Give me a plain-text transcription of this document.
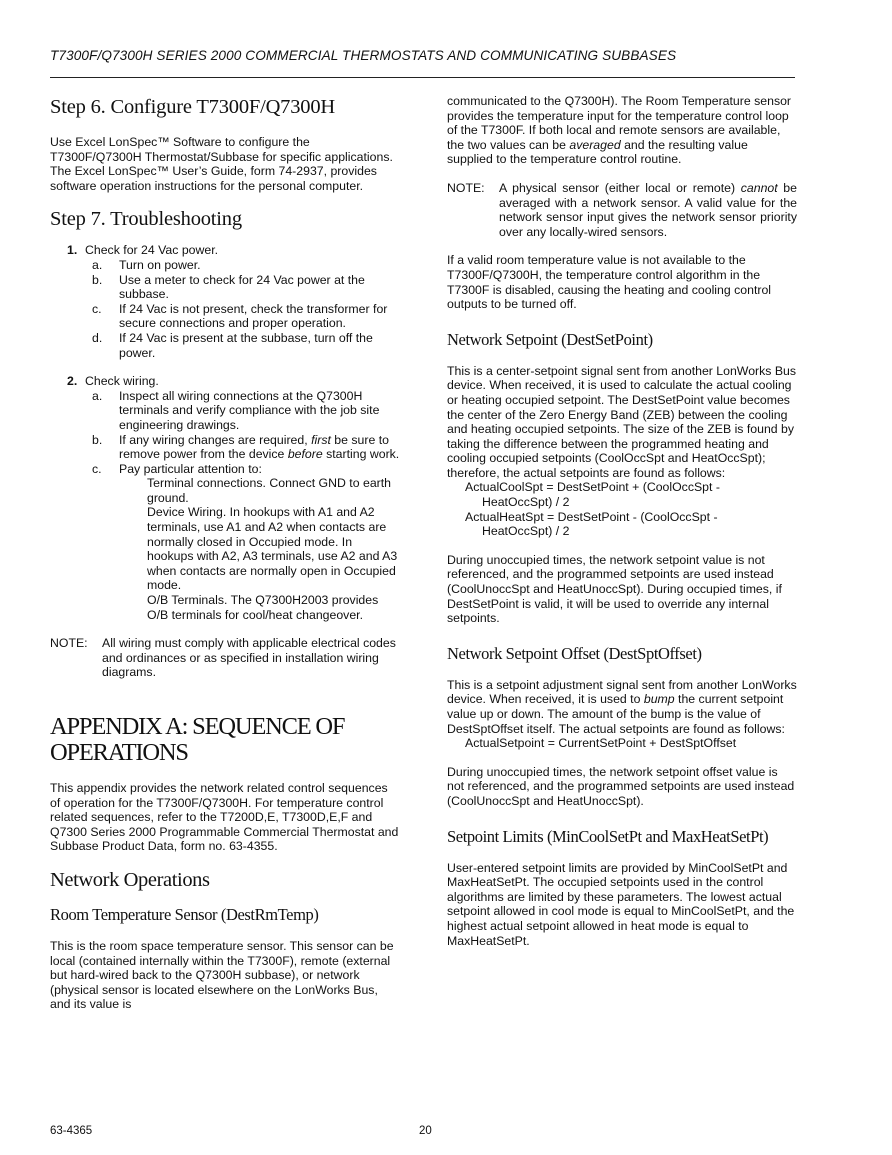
T7300F/Q7300H SERIES 2000 COMMERCIAL THERMOSTATS AND COMMUNICATING SUBBASES
Step 6. Configure T7300F/Q7300H

Use Excel LonSpec™ Software to configure the T7300F/Q7300H Thermostat/Subbase for specific applications. The Excel LonSpec™ User’s Guide, form 74-2937, provides software operation instructions for the personal computer.

Step 7. Troubleshooting
1. Check for 24 Vac power.
a.	Turn on power.
b.	Use a meter to check for 24 Vac power at the subbase.
c.	If 24 Vac is not present, check the transformer for secure connections and proper operation.
d.	If 24 Vac is present at the subbase, turn off the power.
2. Check wiring.
a.	Inspect all wiring connections at the Q7300H terminals and verify compliance with the job site engineering drawings.
b.	If any wiring changes are required, first be sure to remove power from the device before starting work.
c.	Pay particular attention to:
Terminal connections. Connect GND to earth ground.
Device Wiring. In hookups with A1 and A2 terminals, use A1 and A2 when contacts are normally closed in Occupied mode. In hookups with A2, A3 terminals, use A2 and A3 when contacts are normally open in Occupied mode.
O/B Terminals. The Q7300H2003 provides O/B terminals for cool/heat changeover.
NOTE:	All wiring must comply with applicable electrical codes and ordinances or as specified in installation wiring diagrams.
APPENDIX A: SEQUENCE OF OPERATIONS

This appendix provides the network related control sequences of operation for the T7300F/Q7300H. For temperature control related sequences, refer to the T7200D,E, T7300D,E,F and Q7300 Series 2000 Programmable Commercial Thermostat and Subbase Product Data, form no. 63-4355.

Network Operations
Room Temperature Sensor (DestRmTemp)

This is the room space temperature sensor. This sensor can be local (contained internally within the T7300F), remote (external but hard-wired back to the Q7300H subbase), or network (physical sensor is located elsewhere on the LonWorks Bus, and its value is

communicated to the Q7300H). The Room Temperature sensor provides the temperature input for the temperature control loop of the T7300F. If both local and remote sensors are available, the two values can be averaged and the resulting value supplied to the temperature control routine.

NOTE:	A physical sensor (either local or remote) cannot be averaged with a network sensor. A valid value for the network sensor input gives the network sensor priority over any locally-wired sensors.

If a valid room temperature value is not available to the T7300F/Q7300H, the temperature control algorithm in the T7300F is disabled, causing the heating and cooling control outputs to be turned off.

Network Setpoint (DestSetPoint)

This is a center-setpoint signal sent from another LonWorks Bus device. When received, it is used to calculate the actual cooling or heating occupied setpoint. The DestSetPoint value becomes the center of the Zero Energy Band (ZEB) between the cooling and heating occupied setpoints. The size of the ZEB is found by taking the difference between the programmed heating and cooling occupied setpoints (CoolOccSpt and HeatOccSpt); therefore, the actual setpoints are found as follows:

ActualCoolSpt = DestSetPoint + (CoolOccSpt -
HeatOccSpt) / 2
ActualHeatSpt = DestSetPoint - (CoolOccSpt -
HeatOccSpt) / 2

During unoccupied times, the network setpoint value is not referenced, and the programmed setpoints are used instead (CoolUnoccSpt and HeatUnoccSpt). During occupied times, if DestSetPoint is valid, it will be used to override any internal setpoints.

Network Setpoint Offset (DestSptOffset)

This is a setpoint adjustment signal sent from another LonWorks device. When received, it is used to bump the current setpoint value up or down. The amount of the bump is the value of DestSptOffset itself. The actual setpoints are found as follows:

ActualSetpoint = CurrentSetPoint + DestSptOffset

During unoccupied times, the network setpoint offset value is not referenced, and the programmed setpoints are used instead (CoolUnoccSpt and HeatUnoccSpt).

Setpoint Limits (MinCoolSetPt and MaxHeatSetPt)

User-entered setpoint limits are provided by MinCoolSetPt and MaxHeatSetPt. The occupied setpoints used in the control algorithms are limited by these parameters. The lowest actual setpoint allowed in cool mode is equal to MinCoolSetPt, and the highest actual setpoint allowed in heat mode is equal to MaxHeatSetPt.

63-4365	20
